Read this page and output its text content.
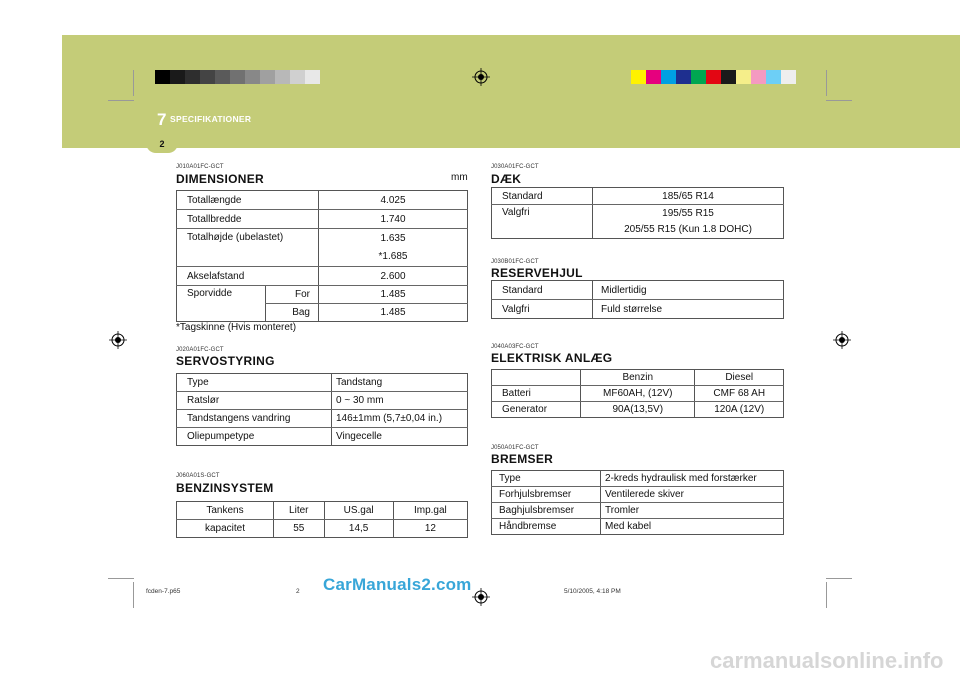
7 SPECIFIKATIONER
2
J010A01FC-GCT
DIMENSIONER	mm
Totallængde		4.025
Totallbredde		1.740
Totalhøjde (ubelastet)		1.635
		*1.685
Akselafstand		2.600
Sporvidde	For	1.485
	Bag	1.485
*Tagskinne (Hvis monteret)
J020A01FC-GCT
SERVOSTYRING
Type	Tandstang
Ratslør	0 ~ 30 mm
Tandstangens vandring	146±1mm (5,7±0,04 in.)
Oliepumpetype	Vingecelle
J060A01S-GCT
BENZINSYSTEM
Tankens	Liter	US.gal	Imp.gal
kapacitet	55	14,5	12
J030A01FC-GCT
DÆK
Standard	185/65 R14
Valgfri	195/55 R15
	205/55 R15 (Kun 1.8 DOHC)
J030B01FC-GCT
RESERVEHJUL
Standard	Midlertidig
Valgfri	Fuld størrelse
J040A03FC-GCT
ELEKTRISK ANLÆG
	Benzin	Diesel
Batteri	MF60AH, (12V)	CMF 68 AH
Generator	90A(13,5V)	120A (12V)
J050A01FC-GCT
BREMSER
Type	2-kreds hydraulisk med forstærker
Forhjulsbremser	Ventilerede skiver
Baghjulsbremser	Tromler
Håndbremse	Med kabel
fcden-7.p65	2	5/10/2005, 4:18 PM
CarManuals2.com
carmanualsonline.info
